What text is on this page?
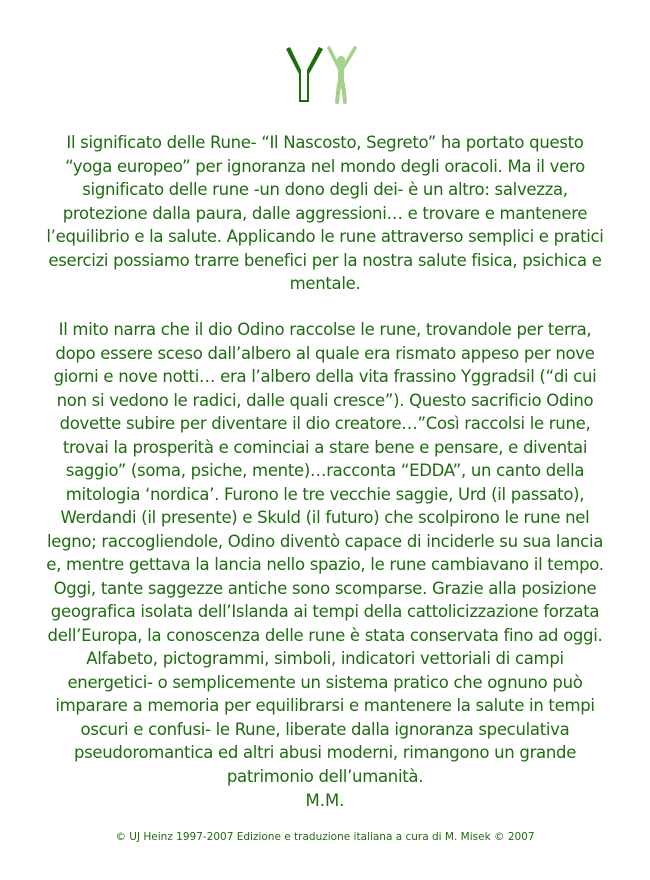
Il significato delle Rune- “Il Nascosto, Segreto” ha portato questo
“yoga europeo” per ignoranza nel mondo degli oracoli. Ma il vero
significato delle rune -un dono degli dei- è un altro: salvezza,
protezione dalla paura, dalle aggressioni… e trovare e mantenere
l’equilibrio e la salute. Applicando le rune attraverso semplici e pratici
esercizi possiamo trarre benefici per la nostra salute fisica, psichica e
mentale.
Il mito narra che il dio Odino raccolse le rune, trovandole per terra,
dopo essere sceso dall’albero al quale era rismato appeso per nove
giorni e nove notti… era l’albero della vita frassino Yggradsil (“di cui
non si vedono le radici, dalle quali cresce”). Questo sacrificio Odino
dovette subire per diventare il dio creatore…”Così raccolsi le rune,
trovai la prosperità e cominciai a stare bene e pensare, e diventai
saggio” (soma, psiche, mente)…racconta “EDDA”, un canto della
mitologia ‘nordica’. Furono le tre vecchie saggie, Urd (il passato),
Werdandi (il presente) e Skuld (il futuro) che scolpirono le rune nel
legno; raccogliendole, Odino diventò capace di inciderle su sua lancia
e, mentre gettava la lancia nello spazio, le rune cambiavano il tempo.
Oggi, tante saggezze antiche sono scomparse. Grazie alla posizione
geografica isolata dell’Islanda ai tempi della cattolicizzazione forzata
dell’Europa, la conoscenza delle rune è stata conservata fino ad oggi.
Alfabeto, pictogrammi, simboli, indicatori vettoriali di campi
energetici- o semplicemente un sistema pratico che ognuno può
imparare a memoria per equilibrarsi e mantenere la salute in tempi
oscuri e confusi- le Rune, liberate dalla ignoranza speculativa
pseudoromantica ed altri abusi moderni, rimangono un grande
patrimonio dell’umanità.
M.M.
© UJ Heinz 1997-2007 Edizione e traduzione italiana a cura di M. Misek © 2007
